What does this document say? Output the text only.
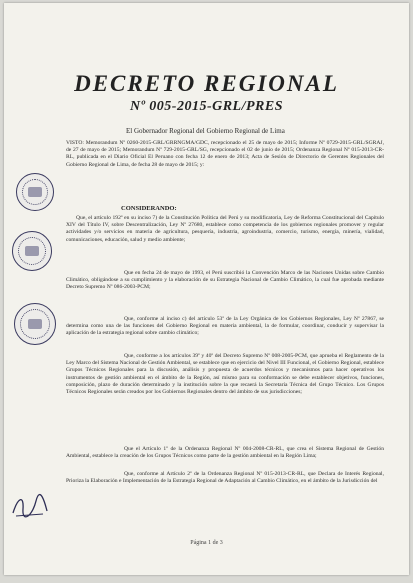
DECRETO REGIONAL
Nº 005-2015-GRL/PRES
El Gobernador Regional del Gobierno Regional de Lima

VISTO: Memorandum Nº 0260-2015-GRL/GRRNGMA/GDC, recepcionado el 25 de mayo de 2015; Informe Nº 0729-2015-GRL/SGRAJ, de 27 de mayo de 2015; Memorandum Nº 729-2015-GRL/SG, recepcionado el 02 de junio de 2015; Ordenanza Regional Nº 015-2013-CR-RL, publicada en el Diario Oficial El Peruano con fecha 12 de enero de 2013; Acta de Sesión de Directorio de Gerentes Regionales del Gobierno Regional de Lima, de fecha 28 de mayo de 2015; y:

CONSIDERANDO:

Que, el artículo 192º en su inciso 7) de la Constitución Política del Perú y su modificatoria, Ley de Reforma Constitucional del Capítulo XIV del Título IV, sobre Descentralización, Ley Nº 27680, establece como competencia de los gobiernos regionales promover y regular actividades y/o servicios en materia de agricultura, pesquería, industria, agroindustria, comercio, turismo, energía, minería, vialidad, comunicaciones, educación, salud y medio ambiente;

Que en fecha 24 de mayo de 1993, el Perú suscribió la Convención Marco de las Naciones Unidas sobre Cambio Climático, obligándose a su cumplimiento y la elaboración de su Estrategia Nacional de Cambio Climático, la cual fue aprobada mediante Decreto Supremo Nº 086-2003-PCM;

Que, conforme al inciso c) del artículo 53º de la Ley Orgánica de los Gobiernos Regionales, Ley Nº 27867, se determina como una de las funciones del Gobierno Regional en materia ambiental, la de formular, coordinar, conducir y supervisar la aplicación de la estrategia regional sobre cambio climático;

Que, conforme a los artículos 39º y 40º del Decreto Supremo Nº 008-2005-PCM, que aprueba el Reglamento de la Ley Marco del Sistema Nacional de Gestión Ambiental, se establece que en ejercicio del Nivel III Funcional, el Gobierno Regional, establece Grupos Técnicos Regionales para la discusión, análisis y propuesta de acuerdos técnicos y mecanismos para hacer operativos los instrumentos de gestión ambiental en el ámbito de la Región, así mismo para su conformación se debe establecer objetivos, funciones, composición, plazo de duración determinado y la institución sobre la que recaerá la Secretaría Técnica del Grupo Técnico. Los Grupos Técnicos Regionales serán creados por los Gobiernos Regionales dentro del ámbito de sus jurisdicciones;

Que el Artículo 1º de la Ordenanza Regional Nº 004-2008-CR-RL, que crea el Sistema Regional de Gestión Ambiental, establece la creación de los Grupos Técnicos como parte de la gestión ambiental en la Región Lima;

Que, conforme al Artículo 2º de la Ordenanza Regional Nº 015-2013-CR-RL, que Declara de Interés Regional, Prioriza la Elaboración e Implementación de la Estrategia Regional de Adaptación al Cambio Climático, en el ámbito de la Jurisdicción del

Página 1 de 3
